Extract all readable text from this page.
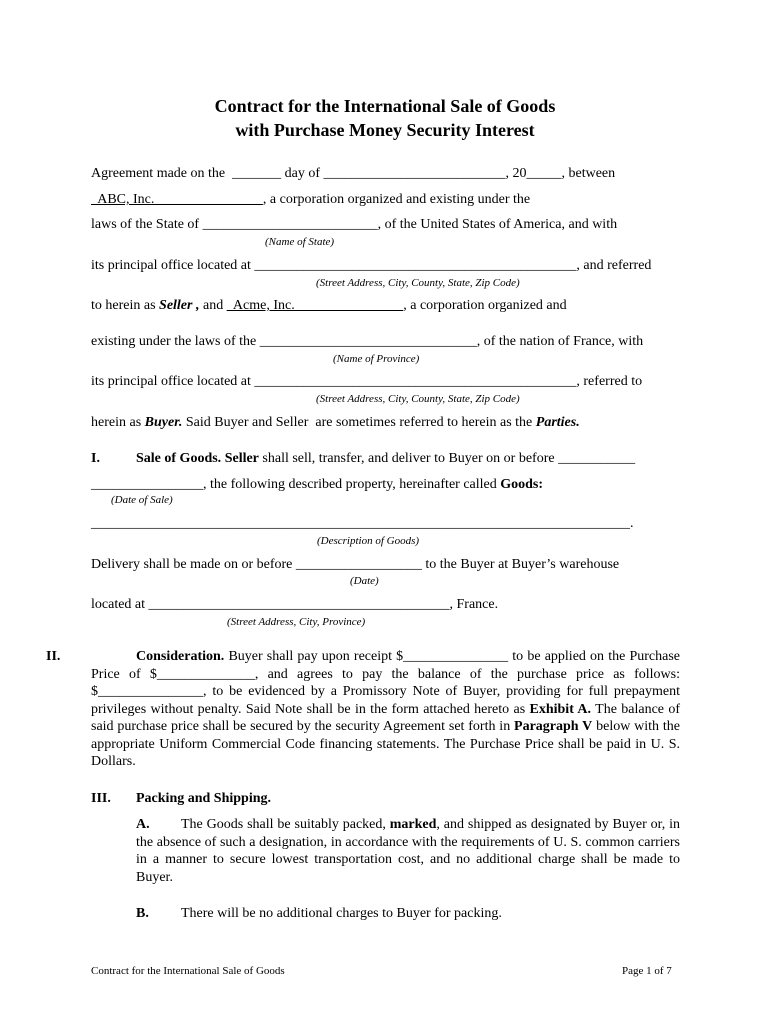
Contract for the International Sale of Goods
with Purchase Money Security Interest
Agreement made on the  _______ day of __________________________, 20_____, between
ABC, Inc.                               , a corporation organized and existing under the
laws of the State of _________________________, of the United States of America, and with
(Name of State)
its principal office located at ______________________________________________, and referred
(Street Address, City, County, State, Zip Code)
to herein as Seller , and   Acme, Inc.                               , a corporation organized and
existing under the laws of the _______________________________, of the nation of France, with
(Name of Province)
its principal office located at ______________________________________________, referred to
(Street Address, City, County, State, Zip Code)
herein as Buyer. Said Buyer and Seller  are sometimes referred to herein as the Parties.
I.	Sale of Goods. Seller shall sell, transfer, and deliver to Buyer on or before ___________
________________, the following described property, hereinafter called Goods:
(Date of Sale)
_____________________________________________________________________________.
(Description of Goods)
Delivery shall be made on or before __________________ to the Buyer at Buyer’s warehouse
(Date)
located at ___________________________________________, France.
(Street Address, City, Province)
II.	Consideration. Buyer shall pay upon receipt $_______________ to be applied on the Purchase Price of $______________, and agrees to pay the balance of the purchase price as follows: $_______________, to be evidenced by a Promissory Note of Buyer, providing for full prepayment privileges without penalty. Said Note shall be in the form attached hereto as Exhibit A. The balance of said purchase price shall be secured by the security Agreement set forth in Paragraph V below with the appropriate Uniform Commercial Code financing statements. The Purchase Price shall be paid in U. S. Dollars.
III.	Packing and Shipping.
A. The Goods shall be suitably packed, marked, and shipped as designated by Buyer or, in the absence of such a designation, in accordance with the requirements of U. S. common carriers in a manner to secure lowest transportation cost, and no additional charge shall be made to Buyer.
B.	There will be no additional charges to Buyer for packing.
Contract for the International Sale of Goods	Page 1 of 7
